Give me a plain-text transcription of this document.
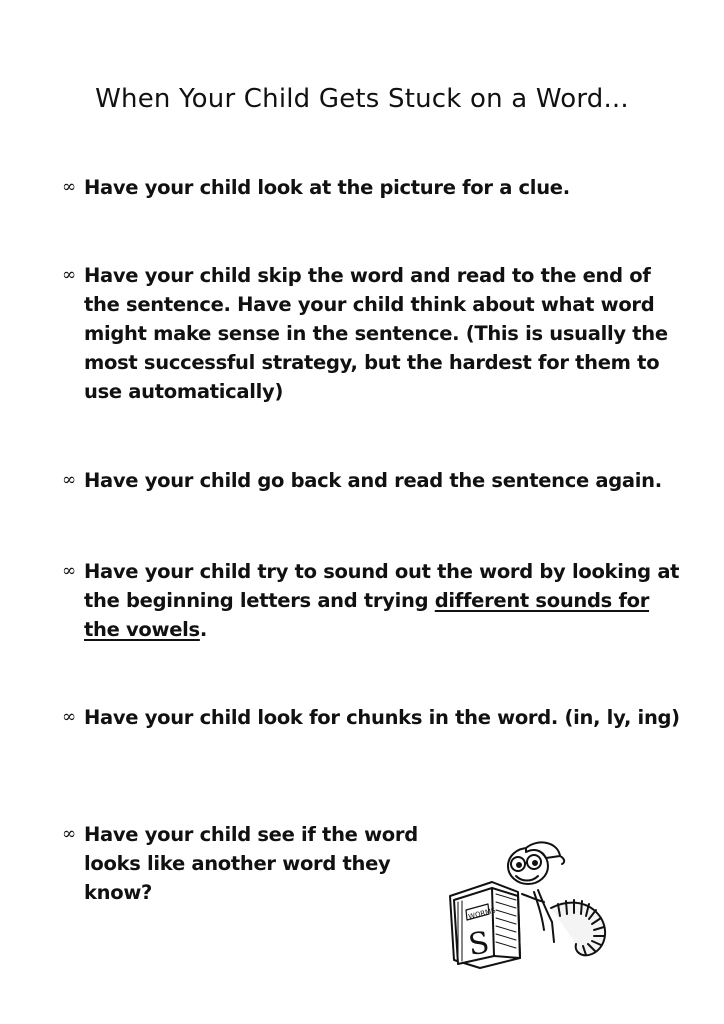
When Your Child Gets Stuck on a Word...
∞ Have your child look at the picture for a clue.
∞ Have your child skip the word and read to the end of the sentence. Have your child think about what word might make sense in the sentence. (This is usually the most successful strategy, but the hardest for them to use automatically)
∞ Have your child go back and read the sentence again.
∞ Have your child try to sound out the word by looking at the beginning letters and trying different sounds for the vowels.
∞ Have your child look for chunks in the word. (in, ly, ing)
∞ Have your child see if the word looks like another word they know?
WORMS
S
